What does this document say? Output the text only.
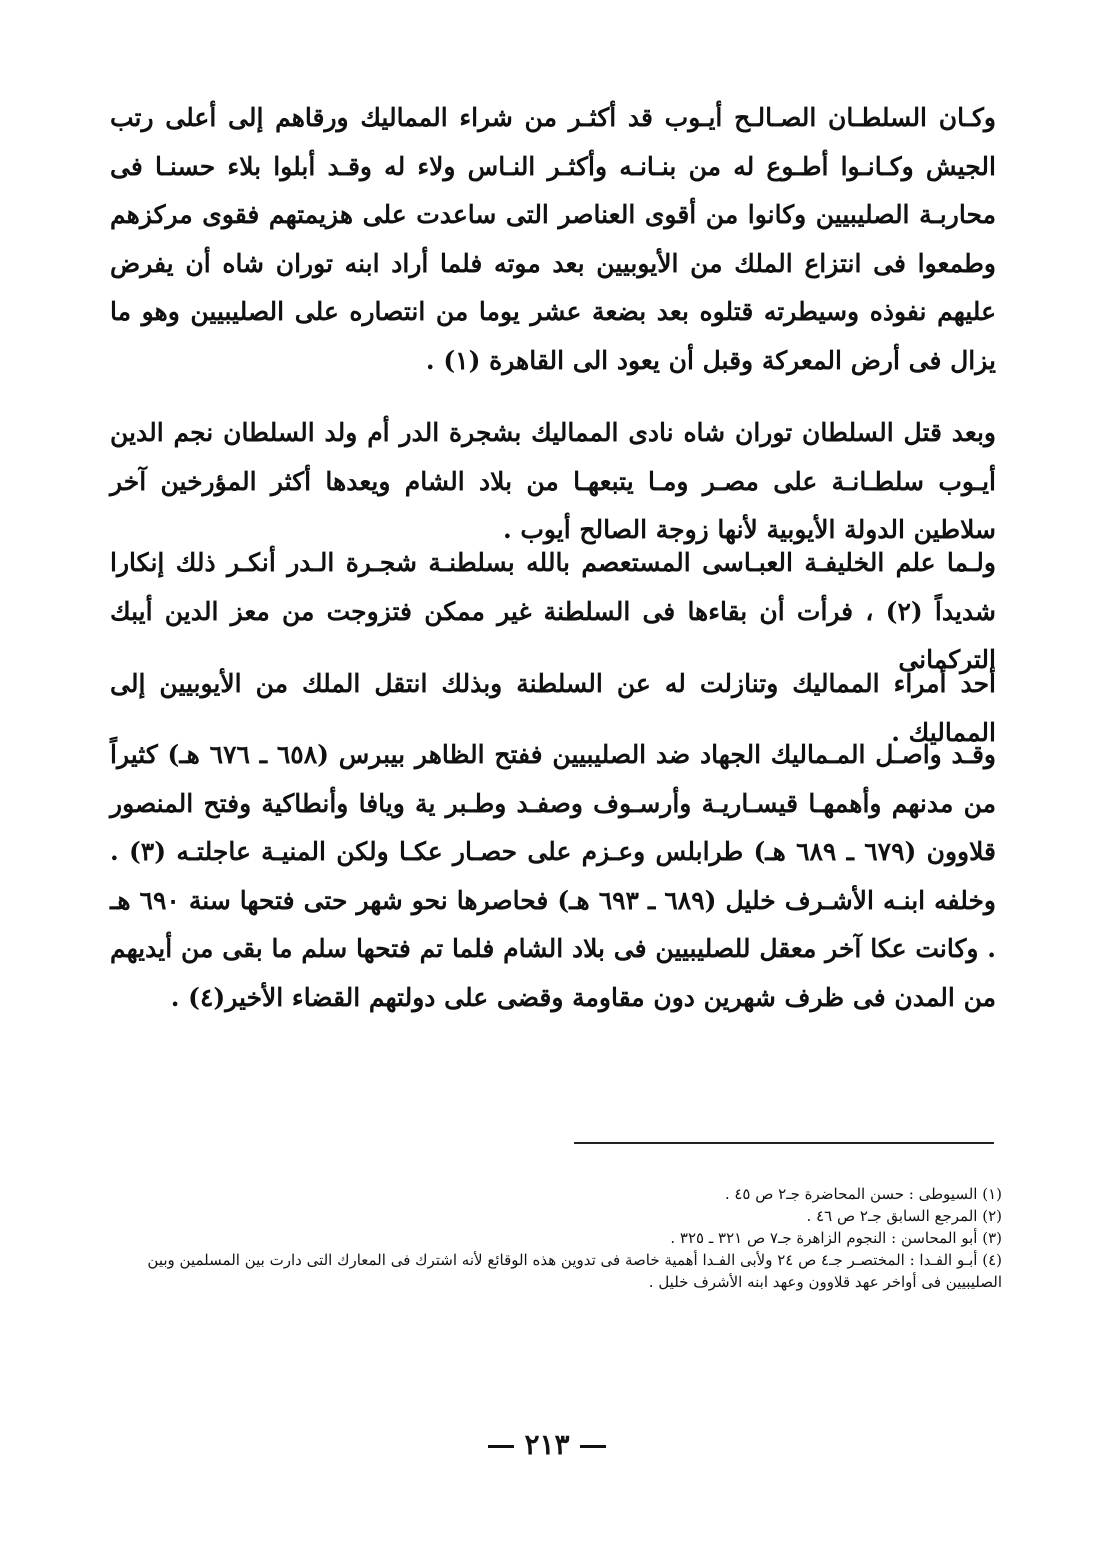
وكـان السلطـان الصـالـح أيـوب قد أكثـر من شراء المماليك ورقاهم إلى أعلى رتب الجيش وكـانـوا أطـوع له من بنـانـه وأكثـر النـاس ولاء له وقـد أبلوا بلاء حسنـا فى محاربـة الصليبيين وكانوا من أقوى العناصر التى ساعدت على هزيمتهم فقوى مركزهم وطمعوا فى انتزاع الملك من الأيوبيين بعد موته فلما أراد ابنه توران شاه أن يفرض عليهم نفوذه وسيطرته قتلوه بعد بضعة عشر يوما من انتصاره على الصليبيين وهو ما يزال فى أرض المعركة وقبل أن يعود الى القاهرة (١) .

وبعد قتل السلطان توران شاه نادى المماليك بشجرة الدر أم ولد السلطان نجم الدين أيـوب سلطـانـة على مصـر ومـا يتبعهـا من بلاد الشام ويعدها أكثر المؤرخين آخر سلاطين الدولة الأيوبية لأنها زوجة الصالح أيوب .

ولـما علم الخليفـة العبـاسى المستعصم بالله بسلطنـة شجـرة الـدر أنكـر ذلك إنكارا شديداً (٢) ، فرأت أن بقاءها فى السلطنة غير ممكن فتزوجت من معز الدين أيبك التركمانى

أحد أمراء المماليك وتنازلت له عن السلطنة وبذلك انتقل الملك من الأيوبيين إلى المماليك .

وقـد واصـل المـماليك الجهاد ضد الصليبيين ففتح الظاهر بيبرس (٦٥٨ ـ ٦٧٦ هـ) كثيراً من مدنهم وأهمهـا قيسـاريـة وأرسـوف وصفـد وطـبر ية ويافا وأنطاكية وفتح المنصور قلاوون (٦٧٩ ـ ٦٨٩ هـ) طرابلس وعـزم على حصـار عكـا ولكن المنيـة عاجلتـه (٣) . وخلفه ابنـه الأشـرف خليل (٦٨٩ ـ ٦٩٣ هـ) فحاصرها نحو شهر حتى فتحها سنة ٦٩٠ هـ . وكانت عكا آخر معقل للصليبيين فى بلاد الشام فلما تم فتحها سلم ما بقى من أيديهم من المدن فى ظرف شهرين دون مقاومة وقضى على دولتهم القضاء الأخير(٤) .

(١) السيوطى : حسن المحاضرة جـ٢ ص ٤٥ .

(٢) المرجع السابق جـ٢ ص ٤٦ .

(٣) أبو المحاسن : النجوم الزاهرة جـ٧ ص ٣٢١ ـ ٣٢٥ .

(٤) أبـو الفـدا : المختصـر جـ٤ ص ٢٤ ولأبى الفـدا أهمية خاصة فى تدوين هذه الوقائع لأنه اشترك فى المعارك التى دارت بين المسلمين وبين الصليبيين فى أواخر عهد قلاوون وعهد ابنه الأشرف خليل .

٢١٣
